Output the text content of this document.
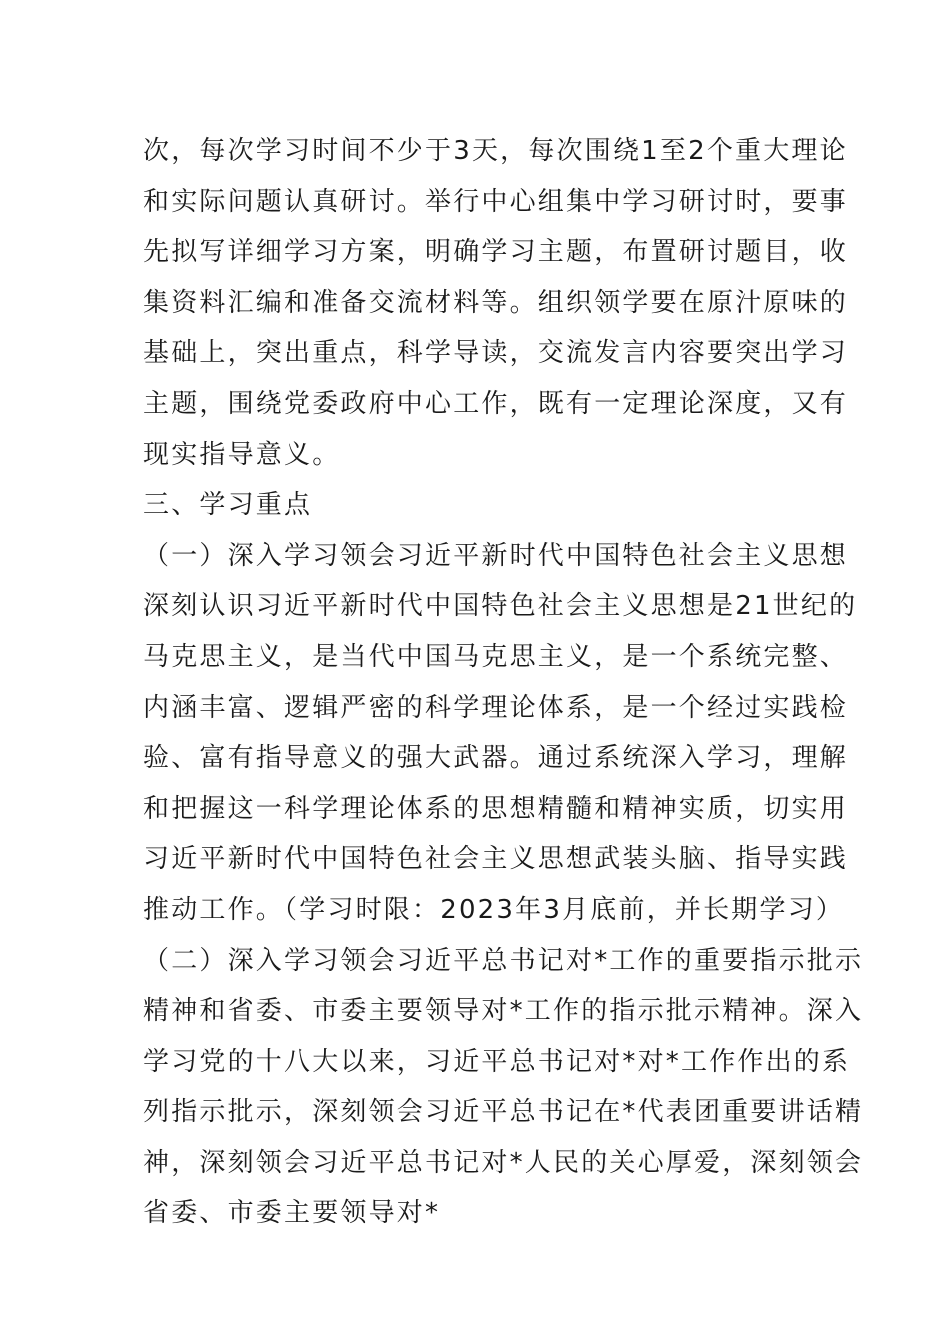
次，每次学习时间不少于3天，每次围绕1至2个重大理论
和实际问题认真研讨。举行中心组集中学习研讨时，要事
先拟写详细学习方案，明确学习主题，布置研讨题目，收
集资料汇编和准备交流材料等。组织领学要在原汁原味的
基础上，突出重点，科学导读，交流发言内容要突出学习
主题，围绕党委政府中心工作，既有一定理论深度，又有
现实指导意义。
三、学习重点
（一）深入学习领会习近平新时代中国特色社会主义思想
深刻认识习近平新时代中国特色社会主义思想是21世纪的
马克思主义，是当代中国马克思主义，是一个系统完整、
内涵丰富、逻辑严密的科学理论体系，是一个经过实践检
验、富有指导意义的强大武器。通过系统深入学习，理解
和把握这一科学理论体系的思想精髓和精神实质，切实用
习近平新时代中国特色社会主义思想武装头脑、指导实践
推动工作。（学习时限：2023年3月底前，并长期学习）
（二）深入学习领会习近平总书记对*工作的重要指示批示
精神和省委、市委主要领导对*工作的指示批示精神。深入
学习党的十八大以来，习近平总书记对*对*工作作出的系
列指示批示，深刻领会习近平总书记在*代表团重要讲话精
神，深刻领会习近平总书记对*人民的关心厚爱，深刻领会
省委、市委主要领导对*
